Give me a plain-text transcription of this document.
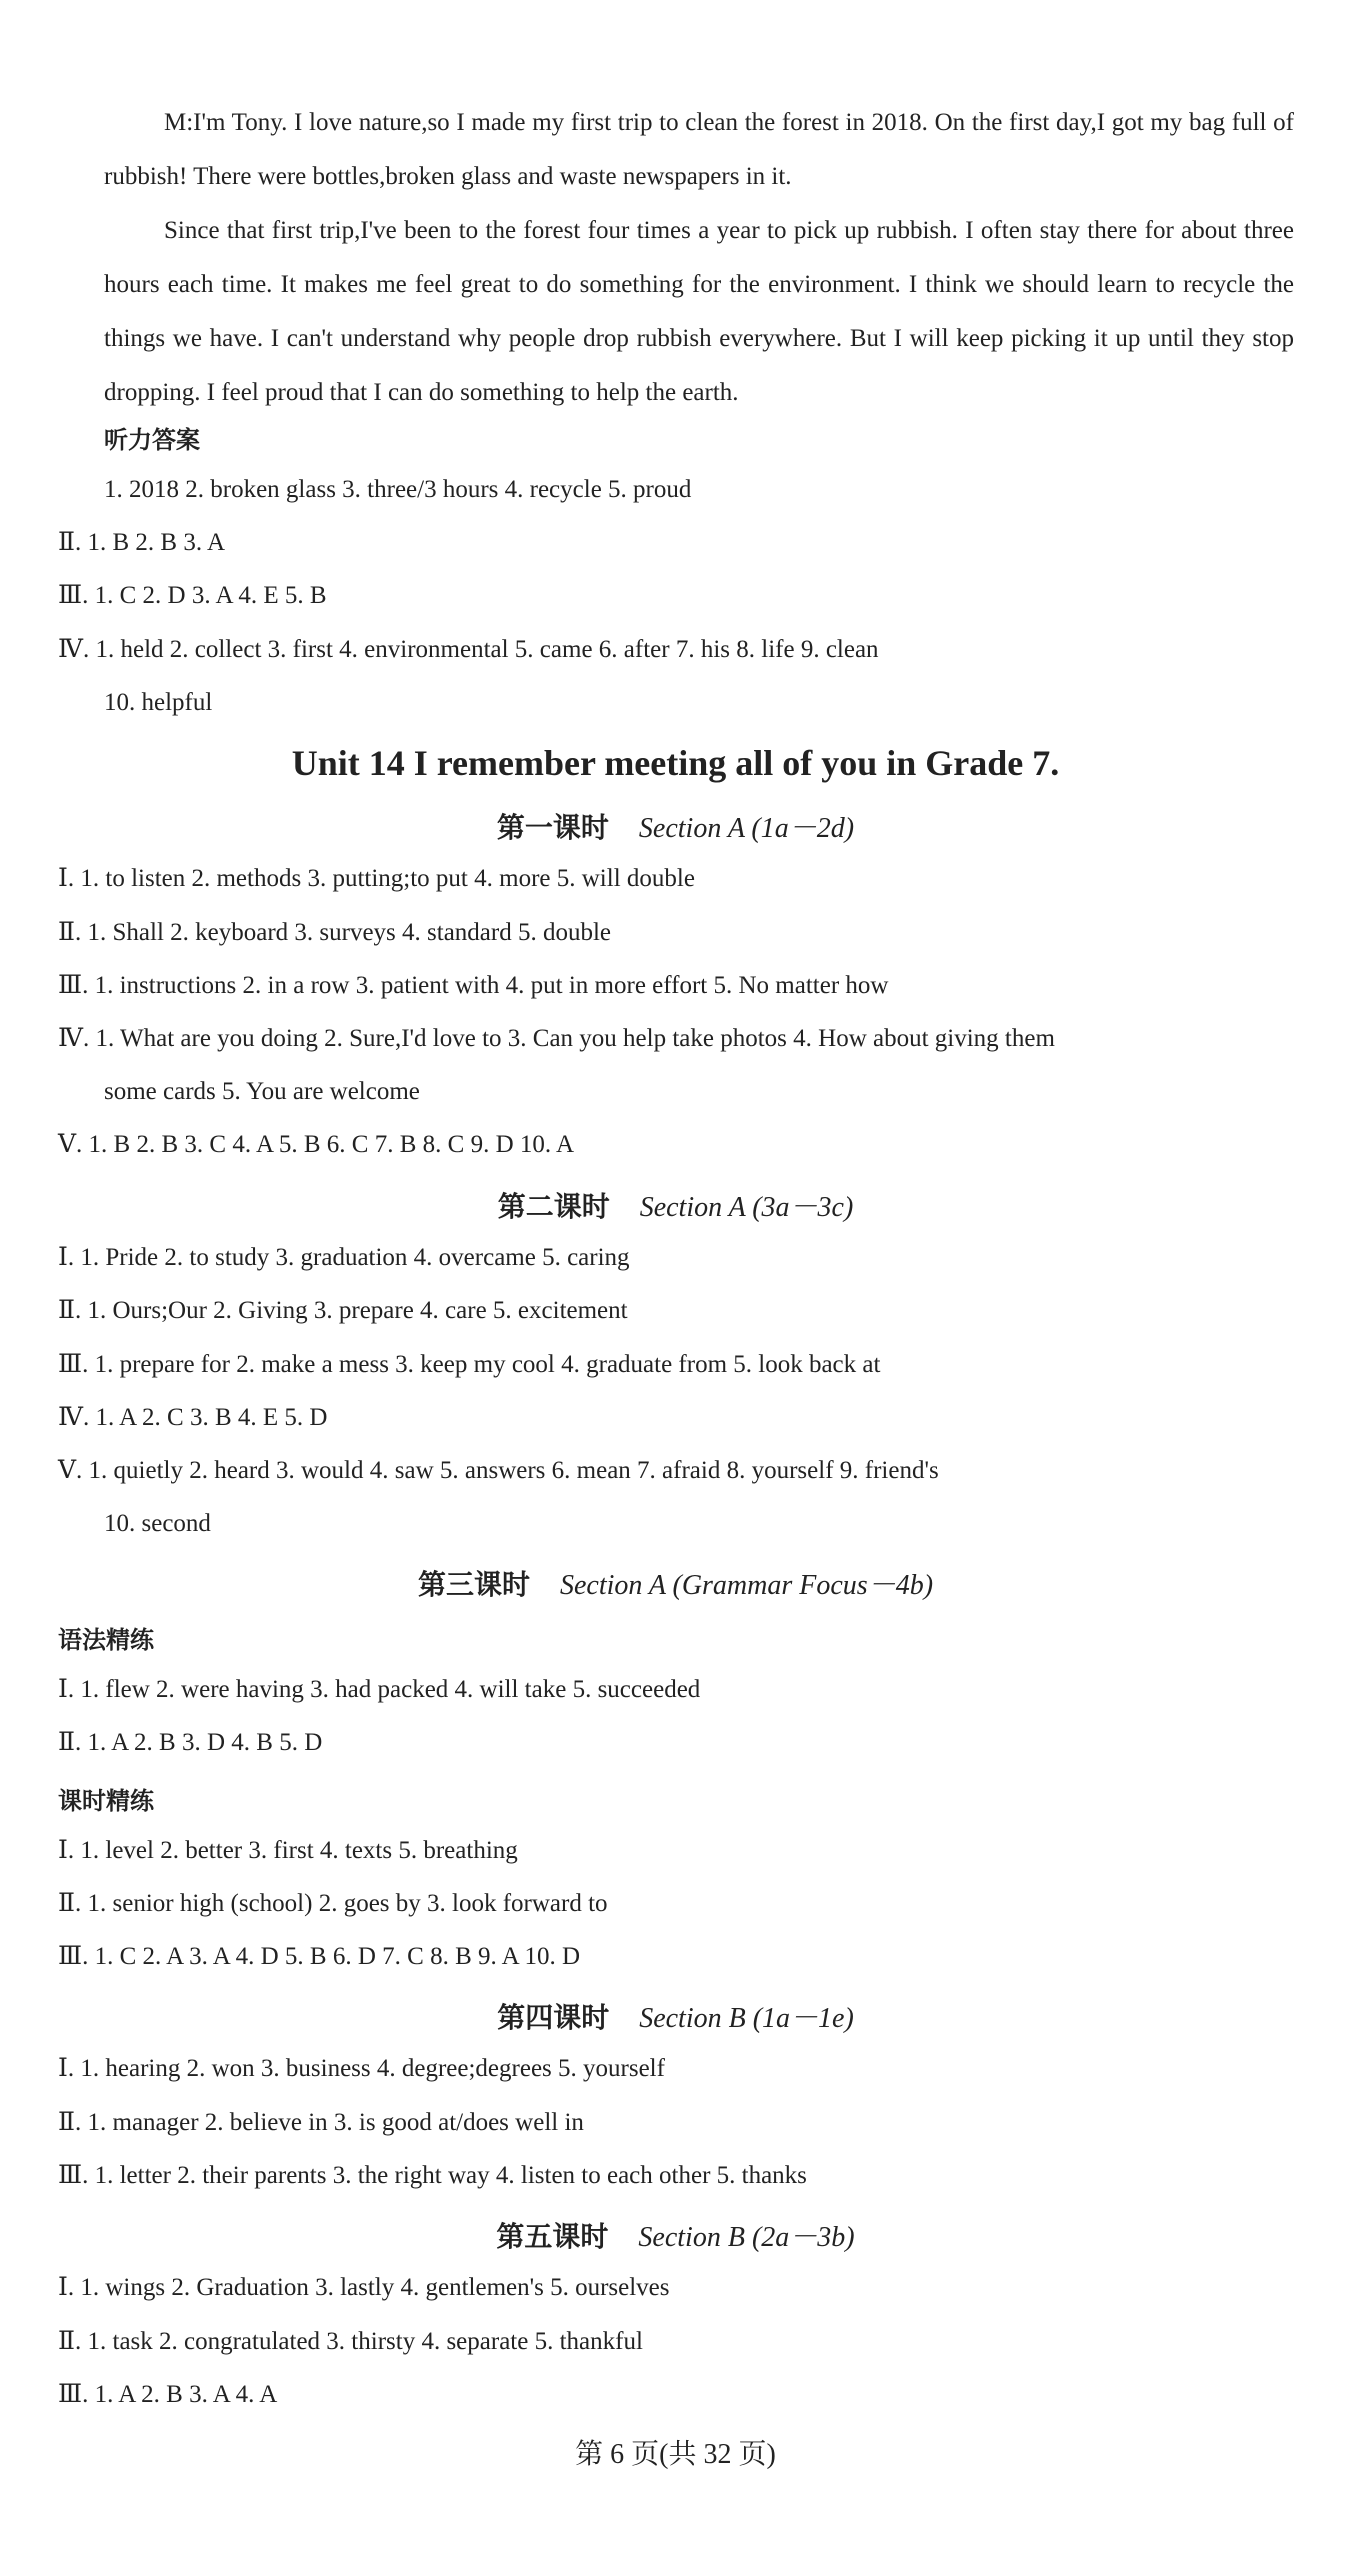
M:I'm Tony. I love nature,so I made my first trip to clean the forest in 2018. On the first day,I got my bag full of rubbish! There were bottles,broken glass and waste newspapers in it.
Since that first trip,I've been to the forest four times a year to pick up rubbish. I often stay there for about three hours each time. It makes me feel great to do something for the environment. I think we should learn to recycle the things we have. I can't understand why people drop rubbish everywhere. But I will keep picking it up until they stop dropping. I feel proud that I can do something to help the earth.
听力答案
1. 2018 2. broken glass 3. three/3 hours 4. recycle 5. proud
Ⅱ. 1. B 2. B 3. A
Ⅲ. 1. C 2. D 3. A 4. E 5. B
Ⅳ. 1. held 2. collect 3. first 4. environmental 5. came 6. after 7. his 8. life 9. clean
10. helpful
Unit 14 I remember meeting all of you in Grade 7.
第一课时 Section A (1a－2d)
Ⅰ. 1. to listen 2. methods 3. putting;to put 4. more 5. will double
Ⅱ. 1. Shall 2. keyboard 3. surveys 4. standard 5. double
Ⅲ. 1. instructions 2. in a row 3. patient with 4. put in more effort 5. No matter how
Ⅳ. 1. What are you doing 2. Sure,I'd love to 3. Can you help take photos 4. How about giving them
some cards 5. You are welcome
Ⅴ. 1. B 2. B 3. C 4. A 5. B 6. C 7. B 8. C 9. D 10. A
第二课时 Section A (3a－3c)
Ⅰ. 1. Pride 2. to study 3. graduation 4. overcame 5. caring
Ⅱ. 1. Ours;Our 2. Giving 3. prepare 4. care 5. excitement
Ⅲ. 1. prepare for 2. make a mess 3. keep my cool 4. graduate from 5. look back at
Ⅳ. 1. A 2. C 3. B 4. E 5. D
Ⅴ. 1. quietly 2. heard 3. would 4. saw 5. answers 6. mean 7. afraid 8. yourself 9. friend's
10. second
第三课时 Section A (Grammar Focus－4b)
语法精练
Ⅰ. 1. flew 2. were having 3. had packed 4. will take 5. succeeded
Ⅱ. 1. A 2. B 3. D 4. B 5. D
课时精练
Ⅰ. 1. level 2. better 3. first 4. texts 5. breathing
Ⅱ. 1. senior high (school) 2. goes by 3. look forward to
Ⅲ. 1. C 2. A 3. A 4. D 5. B 6. D 7. C 8. B 9. A 10. D
第四课时 Section B (1a－1e)
Ⅰ. 1. hearing 2. won 3. business 4. degree;degrees 5. yourself
Ⅱ. 1. manager 2. believe in 3. is good at/does well in
Ⅲ. 1. letter 2. their parents 3. the right way 4. listen to each other 5. thanks
第五课时 Section B (2a－3b)
Ⅰ. 1. wings 2. Graduation 3. lastly 4. gentlemen's 5. ourselves
Ⅱ. 1. task 2. congratulated 3. thirsty 4. separate 5. thankful
Ⅲ. 1. A 2. B 3. A 4. A
第 6 页(共 32 页)
